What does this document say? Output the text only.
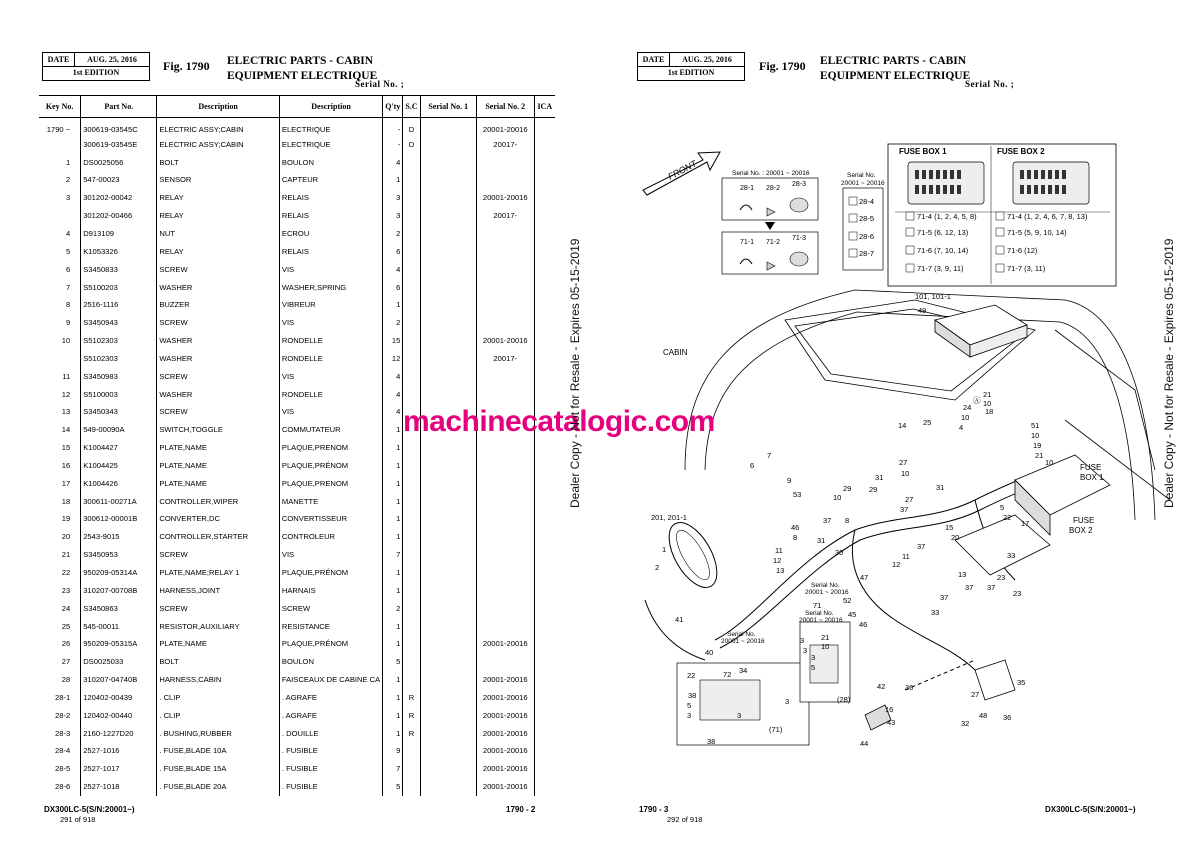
DATE	AUG. 25, 2016
1st EDITION	Fig. 1790 ELECTRIC PARTS - CABIN
EQUIPMENT ELECTRIQUE
Serial No. ;
Key No.	Part No.	Description	Description	Q'ty	S.C	Serial No. 1	Serial No. 2	ICA
1790 ~	300619-03545C	ELECTRIC ASSY;CABIN	ELECTRIQUE	-	D		20001-20016	
	300619-03545E	ELECTRIC ASSY;CABIN	ELECTRIQUE	-	D		20017-	
1	DS0025056	BOLT	BOULON	4				
2	547-00023	SENSOR	CAPTEUR	1				
3	301202-00042	RELAY	RELAIS	3			20001-20016	
	301202-00466	RELAY	RELAIS	3			20017-	
4	D913109	NUT	ECROU	2				
5	K1053326	RELAY	RELAIS	6				
6	S3450833	SCREW	VIS	4				
7	S5100203	WASHER	WASHER,SPRING	6				
8	2516-1116	BUZZER	VIBREUR	1				
9	S3450943	SCREW	VIS	2				
10	S5102303	WASHER	RONDELLE	15			20001-20016	
	S5102303	WASHER	RONDELLE	12			20017-	
11	S3450983	SCREW	VIS	4				
12	S5100003	WASHER	RONDELLE	4				
13	S3450343	SCREW	VIS	4				
14	549-00090A	SWITCH,TOGGLE	COMMUTATEUR	1				
15	K1004427	PLATE,NAME	PLAQUE,PRENOM	1				
16	K1004425	PLATE,NAME	PLAQUE,PRÉNOM	1				
17	K1004426	PLATE,NAME	PLAQUE,PRENOM	1				
18	300611-00271A	CONTROLLER,WIPER	MANETTE	1				
19	300612-00001B	CONVERTER,DC	CONVERTISSEUR	1				
20	2543-9015	CONTROLLER,STARTER	CONTROLEUR	1				
21	S3450953	SCREW	VIS	7				
22	950209-05314A	PLATE,NAME;RELAY 1	PLAQUE,PRÉNOM	1				
23	310207-00708B	HARNESS,JOINT	HARNAIS	1				
24	S3450863	SCREW	SCREW	2				
25	545-00011	RESISTOR,AUXILIARY	RESISTANCE	1				
26	950209-05315A	PLATE,NAME	PLAQUE,PRÉNOM	1			20001-20016	
27	DS0025033	BOLT	BOULON	5				
28	310207-04740B	HARNESS,CABIN	FAISCEAUX DE CABINE CA	1			20001-20016	
28-1	120402-00439	. CLIP	. AGRAFE	1	R		20001-20016	
28-2	120402-00440	. CLIP	. AGRAFE	1	R		20001-20016	
28-3	2160-1227D20	. BUSHING,RUBBER	. DOUILLE	1	R		20001-20016	
28-4	2527-1016	. FUSE,BLADE 10A	. FUSIBLE	9			20001-20016	
28-5	2527-1017	. FUSE,BLADE 15A	. FUSIBLE	7			20001-20016	
28-6	2527-1018	. FUSE,BLADE 20A	. FUSIBLE	5			20001-20016	
DX300LC-5(S/N:20001~)	1790 - 2
291 of 918
DATE	AUG. 25, 2016
1st EDITION	Fig. 1790 ELECTRIC PARTS - CABIN
EQUIPMENT ELECTRIQUE
Serial No. ;
FRONT	Serial No. : 20001 ~ 20016
28-1 28-2
28-3
71-1 71-2
71-3
Serial No.
20001 ~ 20016
FUSE BOX 1	FUSE BOX 2
28-4
28-5
28-6
28-7
71-4 (1, 2, 4, 5, 8)
71-5 (6, 12, 13)
71-6 (7, 10, 14)
71-7 (3, 9, 11)
71-4 (1, 2, 4, 6, 7, 8, 13)
71-5 (5, 9, 10, 14)
71-6 (12)
71-7 (3, 11)
CABIN
201, 201-1
FUSE
BOX 1
FUSE
BOX 2
Serial No.
20001 ~ 20016
Serial No.
20001 ~ 20016
Serial No.
20001 ~ 20016
101, 101-1
49
21
10
18
Ⓐ
24
10
4	51
10
19
21
10
14 25
6
7
9
53
29
31
27
10
31
27
37
29
10
37 8
31
30
46
8
11
12
13
37
11
12
15
20
5
22
17
13	23
37
37
33
23
52
47
37
33
45
46
71
1
2
41
40
3
3
42	36
16
43
44
35
27
48
32
36
22	72 34
38
5
3	3
3
(71)
38
(28)
21
10
3
5
1790 - 3	DX300LC-5(S/N:20001~)
292 of 918
machinecatalogic.com
Dealer Copy - Not for Resale - Expires 05-15-2019	Dealer Copy - Not for Resale - Expires 05-15-2019
